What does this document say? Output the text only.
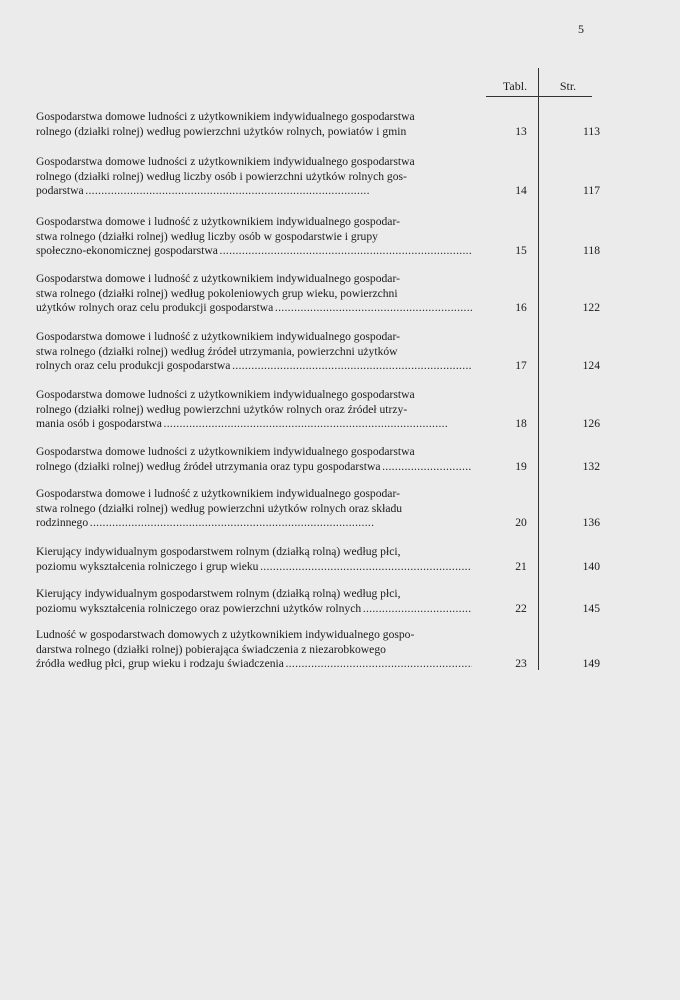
5
Tabl.	Str.
Gospodarstwa domowe ludności z użytkownikiem indywidualnego gospodarstwa
rolnego (działki rolnej) według powierzchni użytków rolnych, powiatów i gmin	13	113
Gospodarstwa domowe ludności z użytkownikiem indywidualnego gospodarstwa
rolnego (działki rolnej) według liczby osób i powierzchni użytków rolnych gos-
podarstwa . . .	14	117
Gospodarstwa domowe i ludność z użytkownikiem indywidualnego gospodar-
stwa rolnego (działki rolnej) według liczby osób w gospodarstwie i grupy
społeczno-ekonomicznej gospodarstwa . . .	15	118
Gospodarstwa domowe i ludność z użytkownikiem indywidualnego gospodar-
stwa rolnego (działki rolnej) według pokoleniowych grup wieku, powierzchni
użytków rolnych oraz celu produkcji gospodarstwa . . .	16	122
Gospodarstwa domowe i ludność z użytkownikiem indywidualnego gospodar-
stwa rolnego (działki rolnej) według źródeł utrzymania, powierzchni użytków
rolnych oraz celu produkcji gospodarstwa . . .	17	124
Gospodarstwa domowe ludności z użytkownikiem indywidualnego gospodarstwa
rolnego (działki rolnej) według powierzchni użytków rolnych oraz źródeł utrzy-
mania osób i gospodarstwa . . .	18	126
Gospodarstwa domowe ludności z użytkownikiem indywidualnego gospodarstwa
rolnego (działki rolnej) według źródeł utrzymania oraz typu gospodarstwa . . .	19	132
Gospodarstwa domowe i ludność z użytkownikiem indywidualnego gospodar-
stwa rolnego (działki rolnej) według powierzchni użytków rolnych oraz składu
rodzinnego . . .	20	136
Kierujący indywidualnym gospodarstwem rolnym (działką rolną) według płci,
poziomu wykształcenia rolniczego i grup wieku . . .	21	140
Kierujący indywidualnym gospodarstwem rolnym (działką rolną) według płci,
poziomu wykształcenia rolniczego oraz powierzchni użytków rolnych . . .	22	145
Ludność w gospodarstwach domowych z użytkownikiem indywidualnego gospo-
darstwa rolnego (działki rolnej) pobierająca świadczenia z niezarobkowego
źródła według płci, grup wieku i rodzaju świadczenia . . .	23	149
